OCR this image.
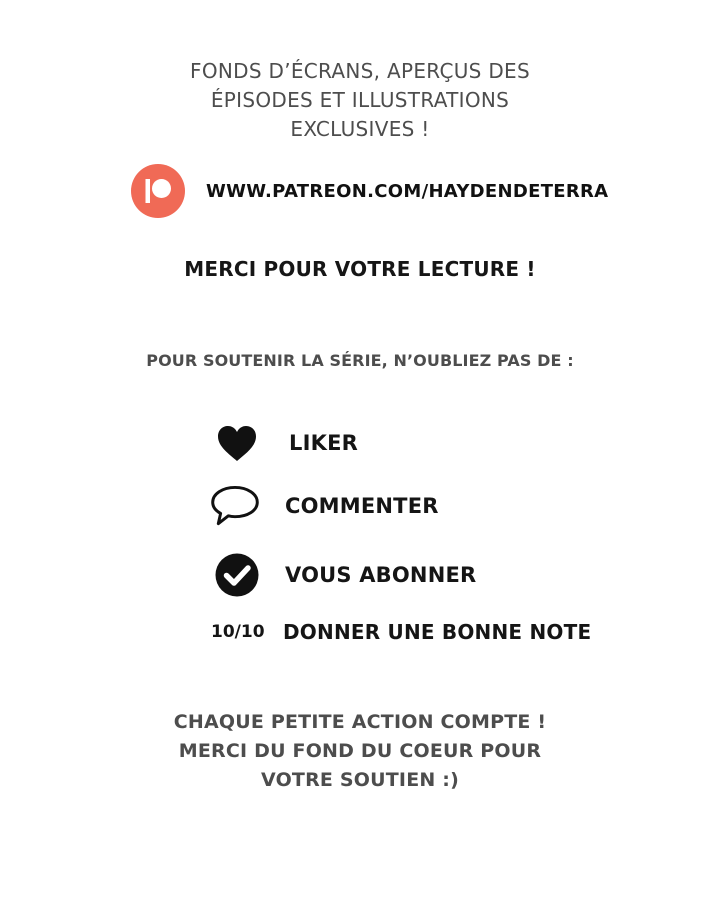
FONDS D’ÉCRANS, APERÇUS DES
ÉPISODES ET ILLUSTRATIONS
EXCLUSIVES !
WWW.PATREON.COM/HAYDENDETERRA
MERCI POUR VOTRE LECTURE !
POUR SOUTENIR LA SÉRIE, N’OUBLIEZ PAS DE :
LIKER
COMMENTER
VOUS ABONNER
10/10 DONNER UNE BONNE NOTE
CHAQUE PETITE ACTION COMPTE !
MERCI DU FOND DU COEUR POUR
VOTRE SOUTIEN :)
